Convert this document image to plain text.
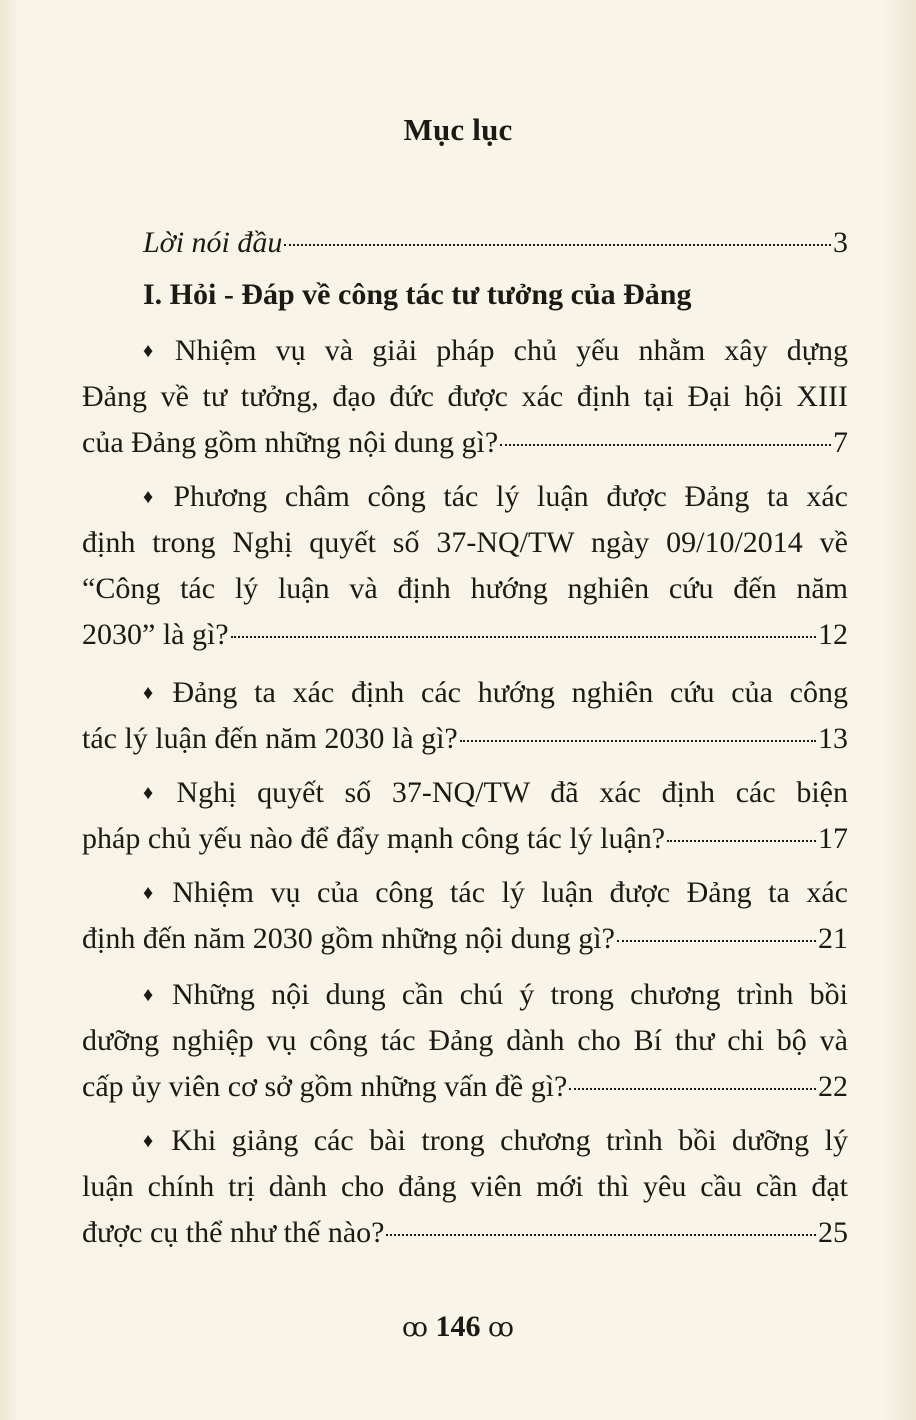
Mục lục
Lời nói đầu	3
I. Hỏi - Đáp về công tác tư tưởng của Đảng
♦ Nhiệm vụ và giải pháp chủ yếu nhằm xây dựng
Đảng về tư tưởng, đạo đức được xác định tại Đại hội XIII
của Đảng gồm những nội dung gì?	7
♦ Phương châm công tác lý luận được Đảng ta xác
định trong Nghị quyết số 37-NQ/TW ngày 09/10/2014 về
“Công tác lý luận và định hướng nghiên cứu đến năm
2030” là gì?	12
♦ Đảng ta xác định các hướng nghiên cứu của công
tác lý luận đến năm 2030 là gì?	13
♦ Nghị quyết số 37-NQ/TW đã xác định các biện
pháp chủ yếu nào để đẩy mạnh công tác lý luận?	17
♦ Nhiệm vụ của công tác lý luận được Đảng ta xác
định đến năm 2030 gồm những nội dung gì?	21
♦ Những nội dung cần chú ý trong chương trình bồi
dưỡng nghiệp vụ công tác Đảng dành cho Bí thư chi bộ và
cấp ủy viên cơ sở gồm những vấn đề gì?	22
♦ Khi giảng các bài trong chương trình bồi dưỡng lý
luận chính trị dành cho đảng viên mới thì yêu cầu cần đạt
được cụ thể như thế nào?	25
ꝏ 146 ꝏ
